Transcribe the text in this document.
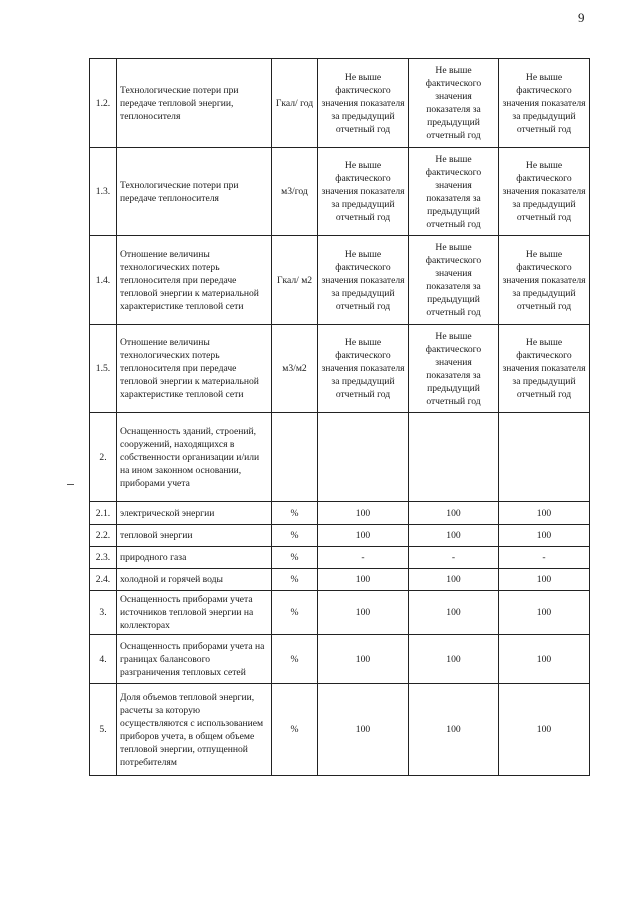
9
1.2.	Технологические потери при передаче тепловой энергии, теплоносителя	Гкал/ год	Не выше фактического значения показателя за предыдущий отчетный год	Не выше фактического значения показателя за предыдущий отчетный год	Не выше фактического значения показателя за предыдущий отчетный год
1.3.	Технологические потери при передаче теплоносителя	м3/год	Не выше фактического значения показателя за предыдущий отчетный год	Не выше фактического значения показателя за предыдущий отчетный год	Не выше фактического значения показателя за предыдущий отчетный год
1.4.	Отношение величины технологических потерь теплоносителя при передаче тепловой энергии к материальной характеристике тепловой сети	Гкал/ м2	Не выше фактического значения показателя за предыдущий отчетный год	Не выше фактического значения показателя за предыдущий отчетный год	Не выше фактического значения показателя за предыдущий отчетный год
1.5.	Отношение величины технологических потерь теплоносителя при передаче тепловой энергии к материальной характеристике тепловой сети	м3/м2	Не выше фактического значения показателя за предыдущий отчетный год	Не выше фактического значения показателя за предыдущий отчетный год	Не выше фактического значения показателя за предыдущий отчетный год
2.	Оснащенность зданий, строений, сооружений, находящихся в собственности организации и/или на ином законном основании, приборами учета				
2.1.	электрической энергии	%	100	100	100
2.2.	тепловой энергии	%	100	100	100
2.3.	природного газа	%	-	-	-
2.4.	холодной и горячей воды	%	100	100	100
3.	Оснащенность приборами учета источников тепловой энергии на коллекторах	%	100	100	100
4.	Оснащенность приборами учета на границах балансового разграничения тепловых сетей	%	100	100	100
5.	Доля объемов тепловой энергии, расчеты за которую осуществляются с использованием приборов учета, в общем объеме тепловой энергии, отпущенной потребителям	%	100	100	100
